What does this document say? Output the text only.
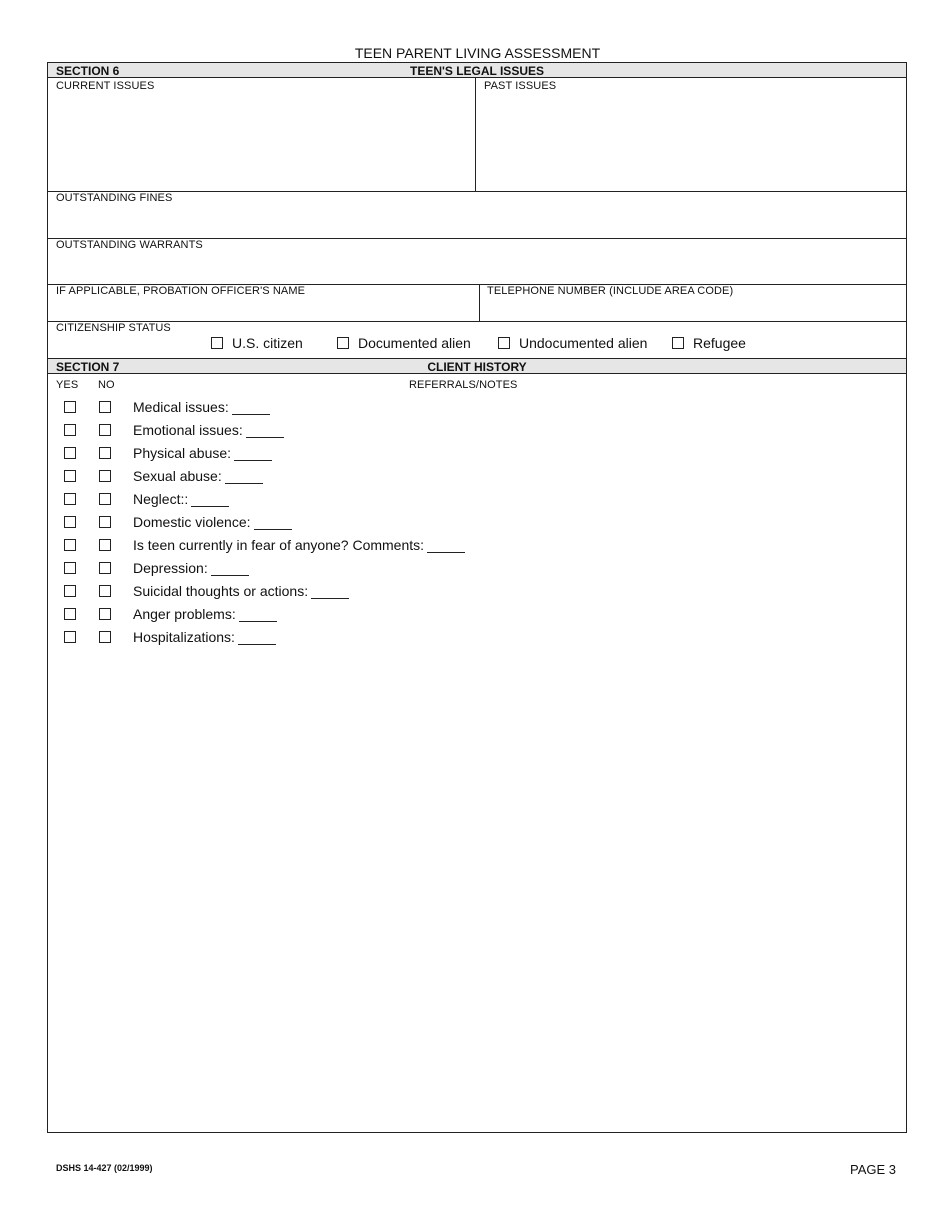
TEEN PARENT LIVING ASSESSMENT
SECTION 6	TEEN'S LEGAL ISSUES
CURRENT ISSUES	PAST ISSUES
OUTSTANDING FINES
OUTSTANDING WARRANTS
IF APPLICABLE, PROBATION OFFICER'S NAME	TELEPHONE NUMBER (INCLUDE AREA CODE)
CITIZENSHIP STATUS
U.S. citizen	Documented alien	Undocumented alien	Refugee
SECTION 7	CLIENT HISTORY
YES NO	REFERRALS/NOTES
Medical issues:
Emotional issues:
Physical abuse:
Sexual abuse:
Neglect::
Domestic violence:
Is teen currently in fear of anyone? Comments:
Depression:
Suicidal thoughts or actions:
Anger problems:
Hospitalizations:
DSHS 14-427 (02/1999)	PAGE 3
